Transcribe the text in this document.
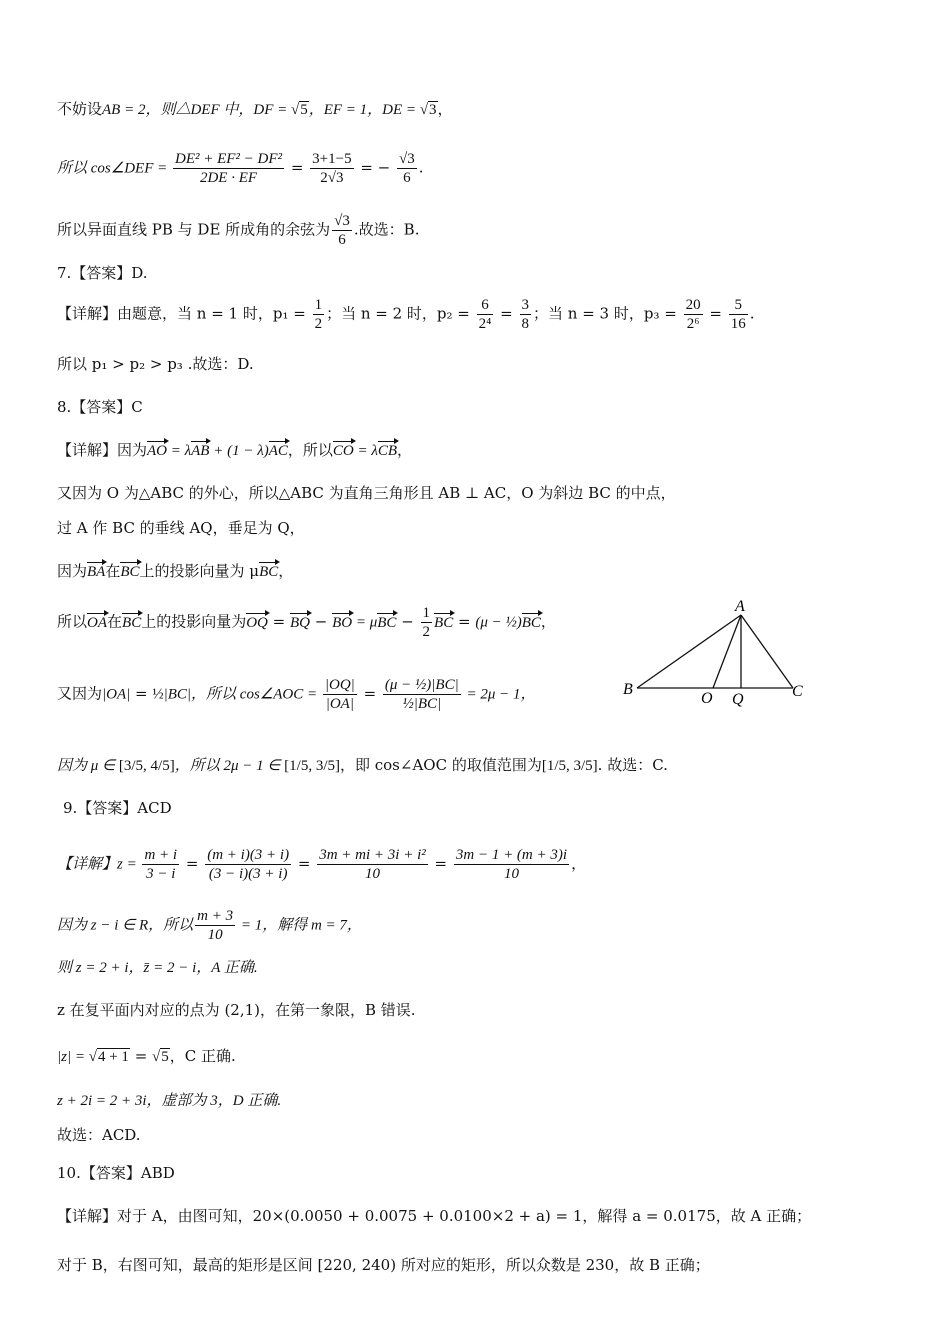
不妨设AB = 2，则△DEF 中，DF = √5，EF = 1，DE = √3，
所以 cos∠DEF = $\frac{\text{DE² + EF² − DF²}}{2DE \cdot EF} = \frac{3+1-5}{2√3}$ = − $\frac{√3}{6}$ .
所以异面直线 PB 与 DE 所成角的余弦为 $\frac{√3}{6}$ .故选：B.
7.【答案】D.
【详解】由题意，当 n = 1 时，$p_1 = \frac{1}{2}$ ；当 n = 2 时，$p_2 = \frac{6}{\text{2⁴}} = \frac{3}{8}$ ；当 n = 3 时，$p_3 = \frac{20}{\text{2⁶}} = \frac{5}{16}$ .
所以 p₁ > p₂ > p₃ .故选：D.
8.【答案】C
【详解】因为AO = λAB + (1 − λ)AC，所以CO = λCB，
又因为 O 为△ABC 的外心，所以△ABC 为直角三角形且 AB ⊥ AC，O 为斜边 BC 的中点，
过 A 作 BC 的垂线 AQ，垂足为 Q，
因为BA在BC上的投影向量为 μBC，
所以OA在BC上的投影向量为OQ = BQ − BO = $\mu BC - \frac{1}{2}$ BC = (μ − ½)BC，
又因为|OA| = ½|BC|，所以 cos∠AOC = $\frac{|OQ|}{|OA|} = \frac{\text{(μ − ½)|BC|}}{\text{½|BC|}} = 2\mu - 1$，
因为 μ ∈ [3/5, 4/5]，所以 2μ − 1 ∈ [1/5, 3/5]，即 cos∠AOC 的取值范围为[1/5, 3/5]. 故选：C.
9.【答案】ACD
【详解】$z = \frac{m + i}{3 - i} = \frac{(m + i)(3 + i)}{(3 - i)(3 + i)} = \frac{\text{3m + mi + 3i + i²}}{10} = \frac{3m - 1 + (m + 3)i}{10}$ ，
因为 z − i ∈ R，所以 $\frac{m + 3}{10} = 1$，解得 m = 7，
则 z = 2 + i，z̄ = 2 − i，A 正确.
z 在复平面内对应的点为 (2,1)，在第一象限，B 错误.
|z| = √4 + 1 = √5，C 正确.
z + 2i = 2 + 3i，虚部为 3，D 正确.
故选：ACD.
10.【答案】ABD
【详解】对于 A，由图可知，20×(0.0050 + 0.0075 + 0.0100×2 + a) = 1，解得 a = 0.0175，故 A 正确；
对于 B，右图可知，最高的矩形是区间 [220, 240) 所对应的矩形，所以众数是 230，故 B 正确；
A
B
O Q	C
